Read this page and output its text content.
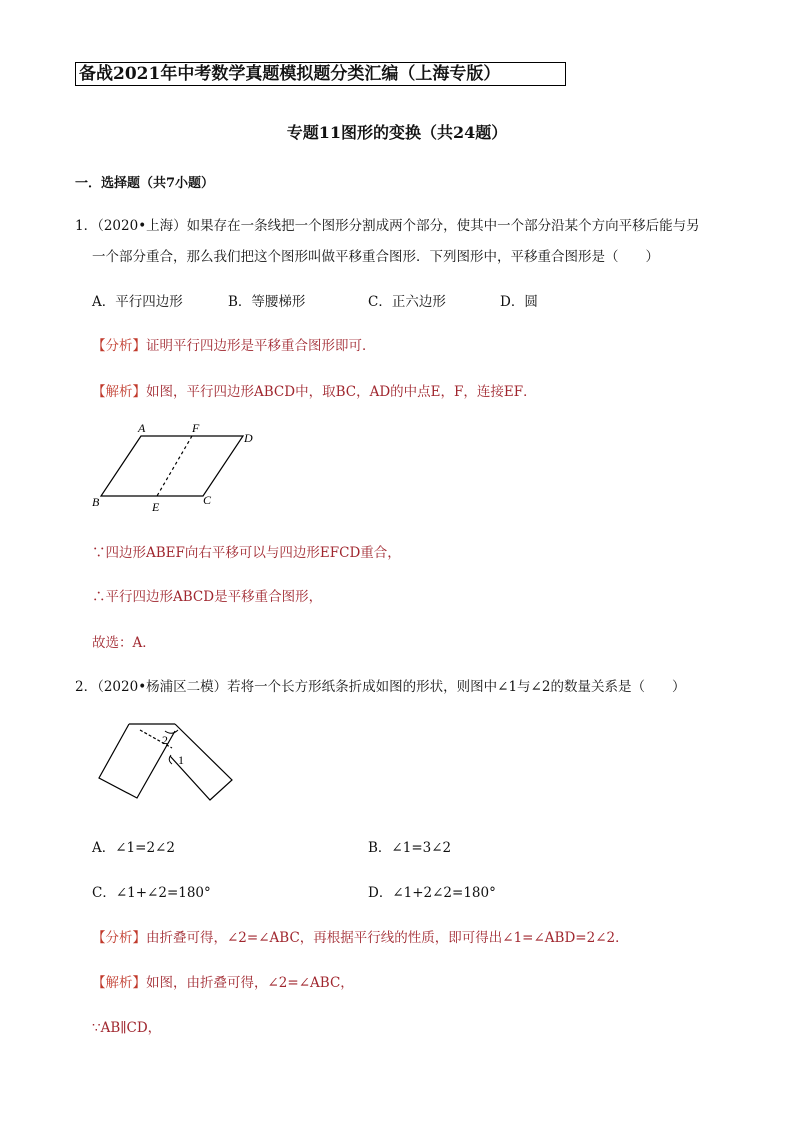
备战2021年中考数学真题模拟题分类汇编（上海专版）
专题11图形的变换（共24题）
一．选择题（共7小题）
1．（2020•上海）如果存在一条线把一个图形分割成两个部分，使其中一个部分沿某个方向平移后能与另
一个部分重合，那么我们把这个图形叫做平移重合图形．下列图形中，平移重合图形是（　　）
A．平行四边形	B．等腰梯形	C．正六边形	D．圆
【分析】证明平行四边形是平移重合图形即可．
【解析】如图，平行四边形ABCD中，取BC，AD的中点E，F，连接EF．
A	F
D
B	E	C
∵四边形ABEF向右平移可以与四边形EFCD重合，
∴平行四边形ABCD是平移重合图形，
故选：A．
2．（2020•杨浦区二模）若将一个长方形纸条折成如图的形状，则图中∠1与∠2的数量关系是（　　）
2
1
A．∠1=2∠2	B．∠1=3∠2
C．∠1+∠2=180°	D．∠1+2∠2=180°
【分析】由折叠可得，∠2=∠ABC，再根据平行线的性质，即可得出∠1=∠ABD=2∠2．
【解析】如图，由折叠可得，∠2=∠ABC，
∵AB∥CD，
